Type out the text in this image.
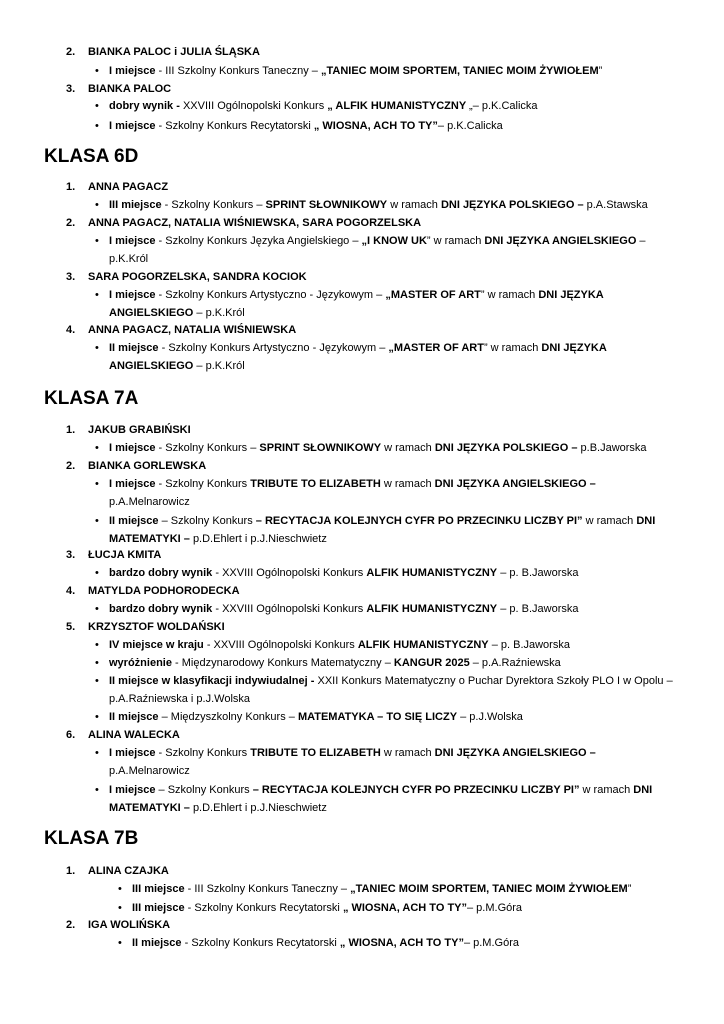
2. BIANKA PALOC i JULIA ŚLĄSKA
• I miejsce - III Szkolny Konkurs Taneczny – „TANIEC MOIM SPORTEM, TANIEC MOIM ŻYWIOŁEM”
3. BIANKA PALOC
• dobry wynik - XXVIII Ogólnopolski Konkurs „ ALFIK HUMANISTYCZNY „– p.K.Calicka
• I miejsce - Szkolny Konkurs Recytatorski „ WIOSNA, ACH TO TY”– p.K.Calicka
KLASA 6D
1. ANNA PAGACZ
• III miejsce - Szkolny Konkurs – SPRINT SŁOWNIKOWY w ramach DNI JĘZYKA POLSKIEGO – p.A.Stawska
2. ANNA PAGACZ, NATALIA WIŚNIEWSKA, SARA POGORZELSKA
• I miejsce - Szkolny Konkurs Języka Angielskiego – „I KNOW UK” w ramach DNI JĘZYKA ANGIELSKIEGO – p.K.Król
3. SARA POGORZELSKA, SANDRA KOCIOK
• I miejsce - Szkolny Konkurs Artystyczno - Językowym – „MASTER OF ART” w ramach DNI JĘZYKA ANGIELSKIEGO – p.K.Król
4. ANNA PAGACZ, NATALIA WIŚNIEWSKA
• II miejsce - Szkolny Konkurs Artystyczno - Językowym – „MASTER OF ART” w ramach DNI JĘZYKA ANGIELSKIEGO – p.K.Król
KLASA 7A
1. JAKUB GRABIŃSKI
• I miejsce - Szkolny Konkurs – SPRINT SŁOWNIKOWY w ramach DNI JĘZYKA POLSKIEGO – p.B.Jaworska
2. BIANKA GORLEWSKA
• I miejsce - Szkolny Konkurs TRIBUTE TO ELIZABETH w ramach DNI JĘZYKA ANGIELSKIEGO – p.A.Melnarowicz
• II miejsce – Szkolny Konkurs – RECYTACJA KOLEJNYCH CYFR PO PRZECINKU LICZBY PI” w ramach DNI MATEMATYKI – p.D.Ehlert i p.J.Nieschwietz
3. ŁUCJA KMITA
• bardzo dobry wynik - XXVIII Ogólnopolski Konkurs ALFIK HUMANISTYCZNY – p. B.Jaworska
4. MATYLDA PODHORODECKA
• bardzo dobry wynik - XXVIII Ogólnopolski Konkurs ALFIK HUMANISTYCZNY – p. B.Jaworska
5. KRZYSZTOF WOLDAŃSKI
• IV miejsce w kraju - XXVIII Ogólnopolski Konkurs ALFIK HUMANISTYCZNY – p. B.Jaworska
• wyróżnienie - Międzynarodowy Konkurs Matematyczny – KANGUR 2025 – p.A.Raźniewska
• II miejsce w klasyfikacji indywiudalnej - XXII Konkurs Matematyczny o Puchar Dyrektora Szkoły PLO I w Opolu – p.A.Raźniewska i p.J.Wolska
• II miejsce – Międzyszkolny Konkurs – MATEMATYKA – TO SIĘ LICZY – p.J.Wolska
6. ALINA WALECKA
• I miejsce - Szkolny Konkurs TRIBUTE TO ELIZABETH w ramach DNI JĘZYKA ANGIELSKIEGO – p.A.Melnarowicz
• I miejsce – Szkolny Konkurs – RECYTACJA KOLEJNYCH CYFR PO PRZECINKU LICZBY PI” w ramach DNI MATEMATYKI – p.D.Ehlert i p.J.Nieschwietz
KLASA 7B
1. ALINA CZAJKA
• III miejsce - III Szkolny Konkurs Taneczny – „TANIEC MOIM SPORTEM, TANIEC MOIM ŻYWIOŁEM”
• III miejsce - Szkolny Konkurs Recytatorski „ WIOSNA, ACH TO TY”– p.M.Góra
2. IGA WOLIŃSKA
• II miejsce - Szkolny Konkurs Recytatorski „ WIOSNA, ACH TO TY”– p.M.Góra
